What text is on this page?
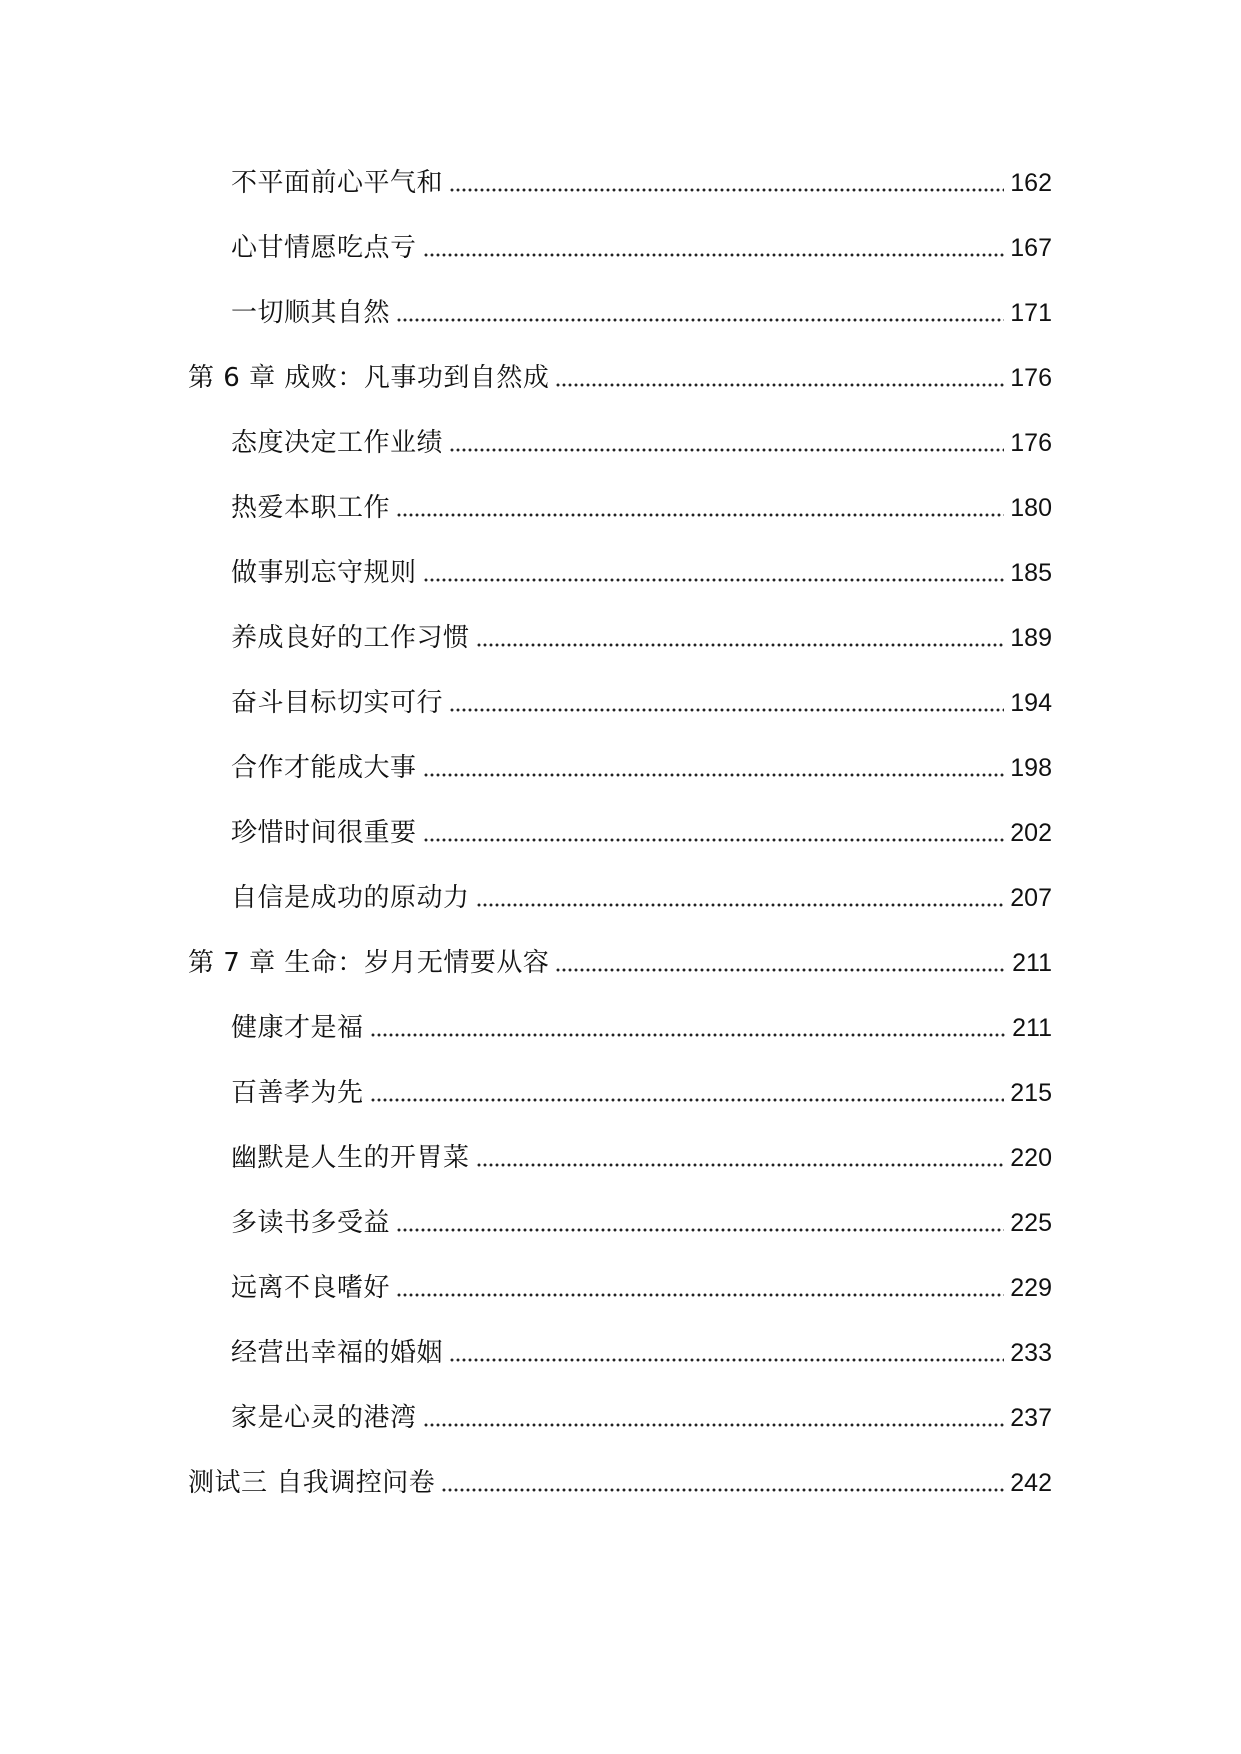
不平面前心平气和	162
心甘情愿吃点亏	167
一切顺其自然	171
第 6 章 成败：凡事功到自然成	176
态度决定工作业绩	176
热爱本职工作	180
做事别忘守规则	185
养成良好的工作习惯	189
奋斗目标切实可行	194
合作才能成大事	198
珍惜时间很重要	202
自信是成功的原动力	207
第 7 章 生命：岁月无情要从容	211
健康才是福	211
百善孝为先	215
幽默是人生的开胃菜	220
多读书多受益	225
远离不良嗜好	229
经营出幸福的婚姻	233
家是心灵的港湾	237
测试三 自我调控问卷	242
